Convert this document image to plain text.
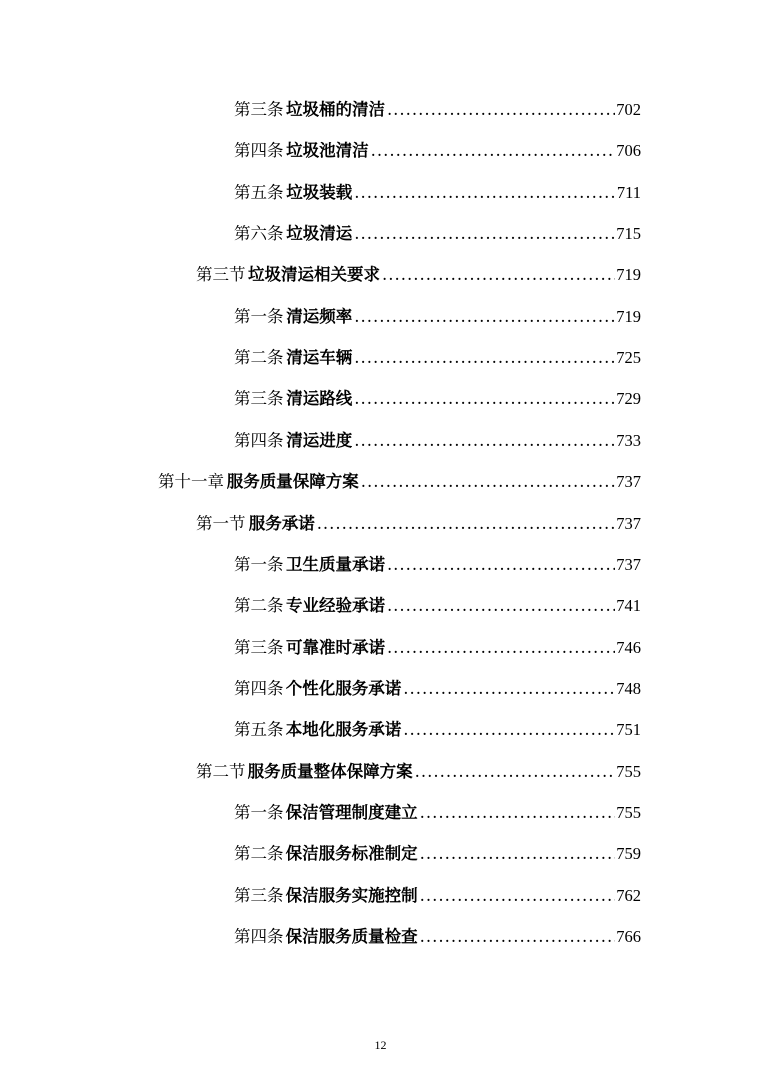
第三条 垃圾桶的清洁 .....	702
第四条 垃圾池清洁 .....	706
第五条 垃圾装载 .....	711
第六条 垃圾清运 .....	715
第三节 垃圾清运相关要求 .....	719
第一条 清运频率 .....	719
第二条 清运车辆 .....	725
第三条 清运路线 .....	729
第四条 清运进度 .....	733
第十一章 服务质量保障方案 .....	737
第一节 服务承诺 .....	737
第一条 卫生质量承诺 .....	737
第二条 专业经验承诺 .....	741
第三条 可靠准时承诺 .....	746
第四条 个性化服务承诺 .....	748
第五条 本地化服务承诺 .....	751
第二节 服务质量整体保障方案 .....	755
第一条 保洁管理制度建立 .....	755
第二条 保洁服务标准制定 .....	759
第三条 保洁服务实施控制 .....	762
第四条 保洁服务质量检查 .....	766
12
